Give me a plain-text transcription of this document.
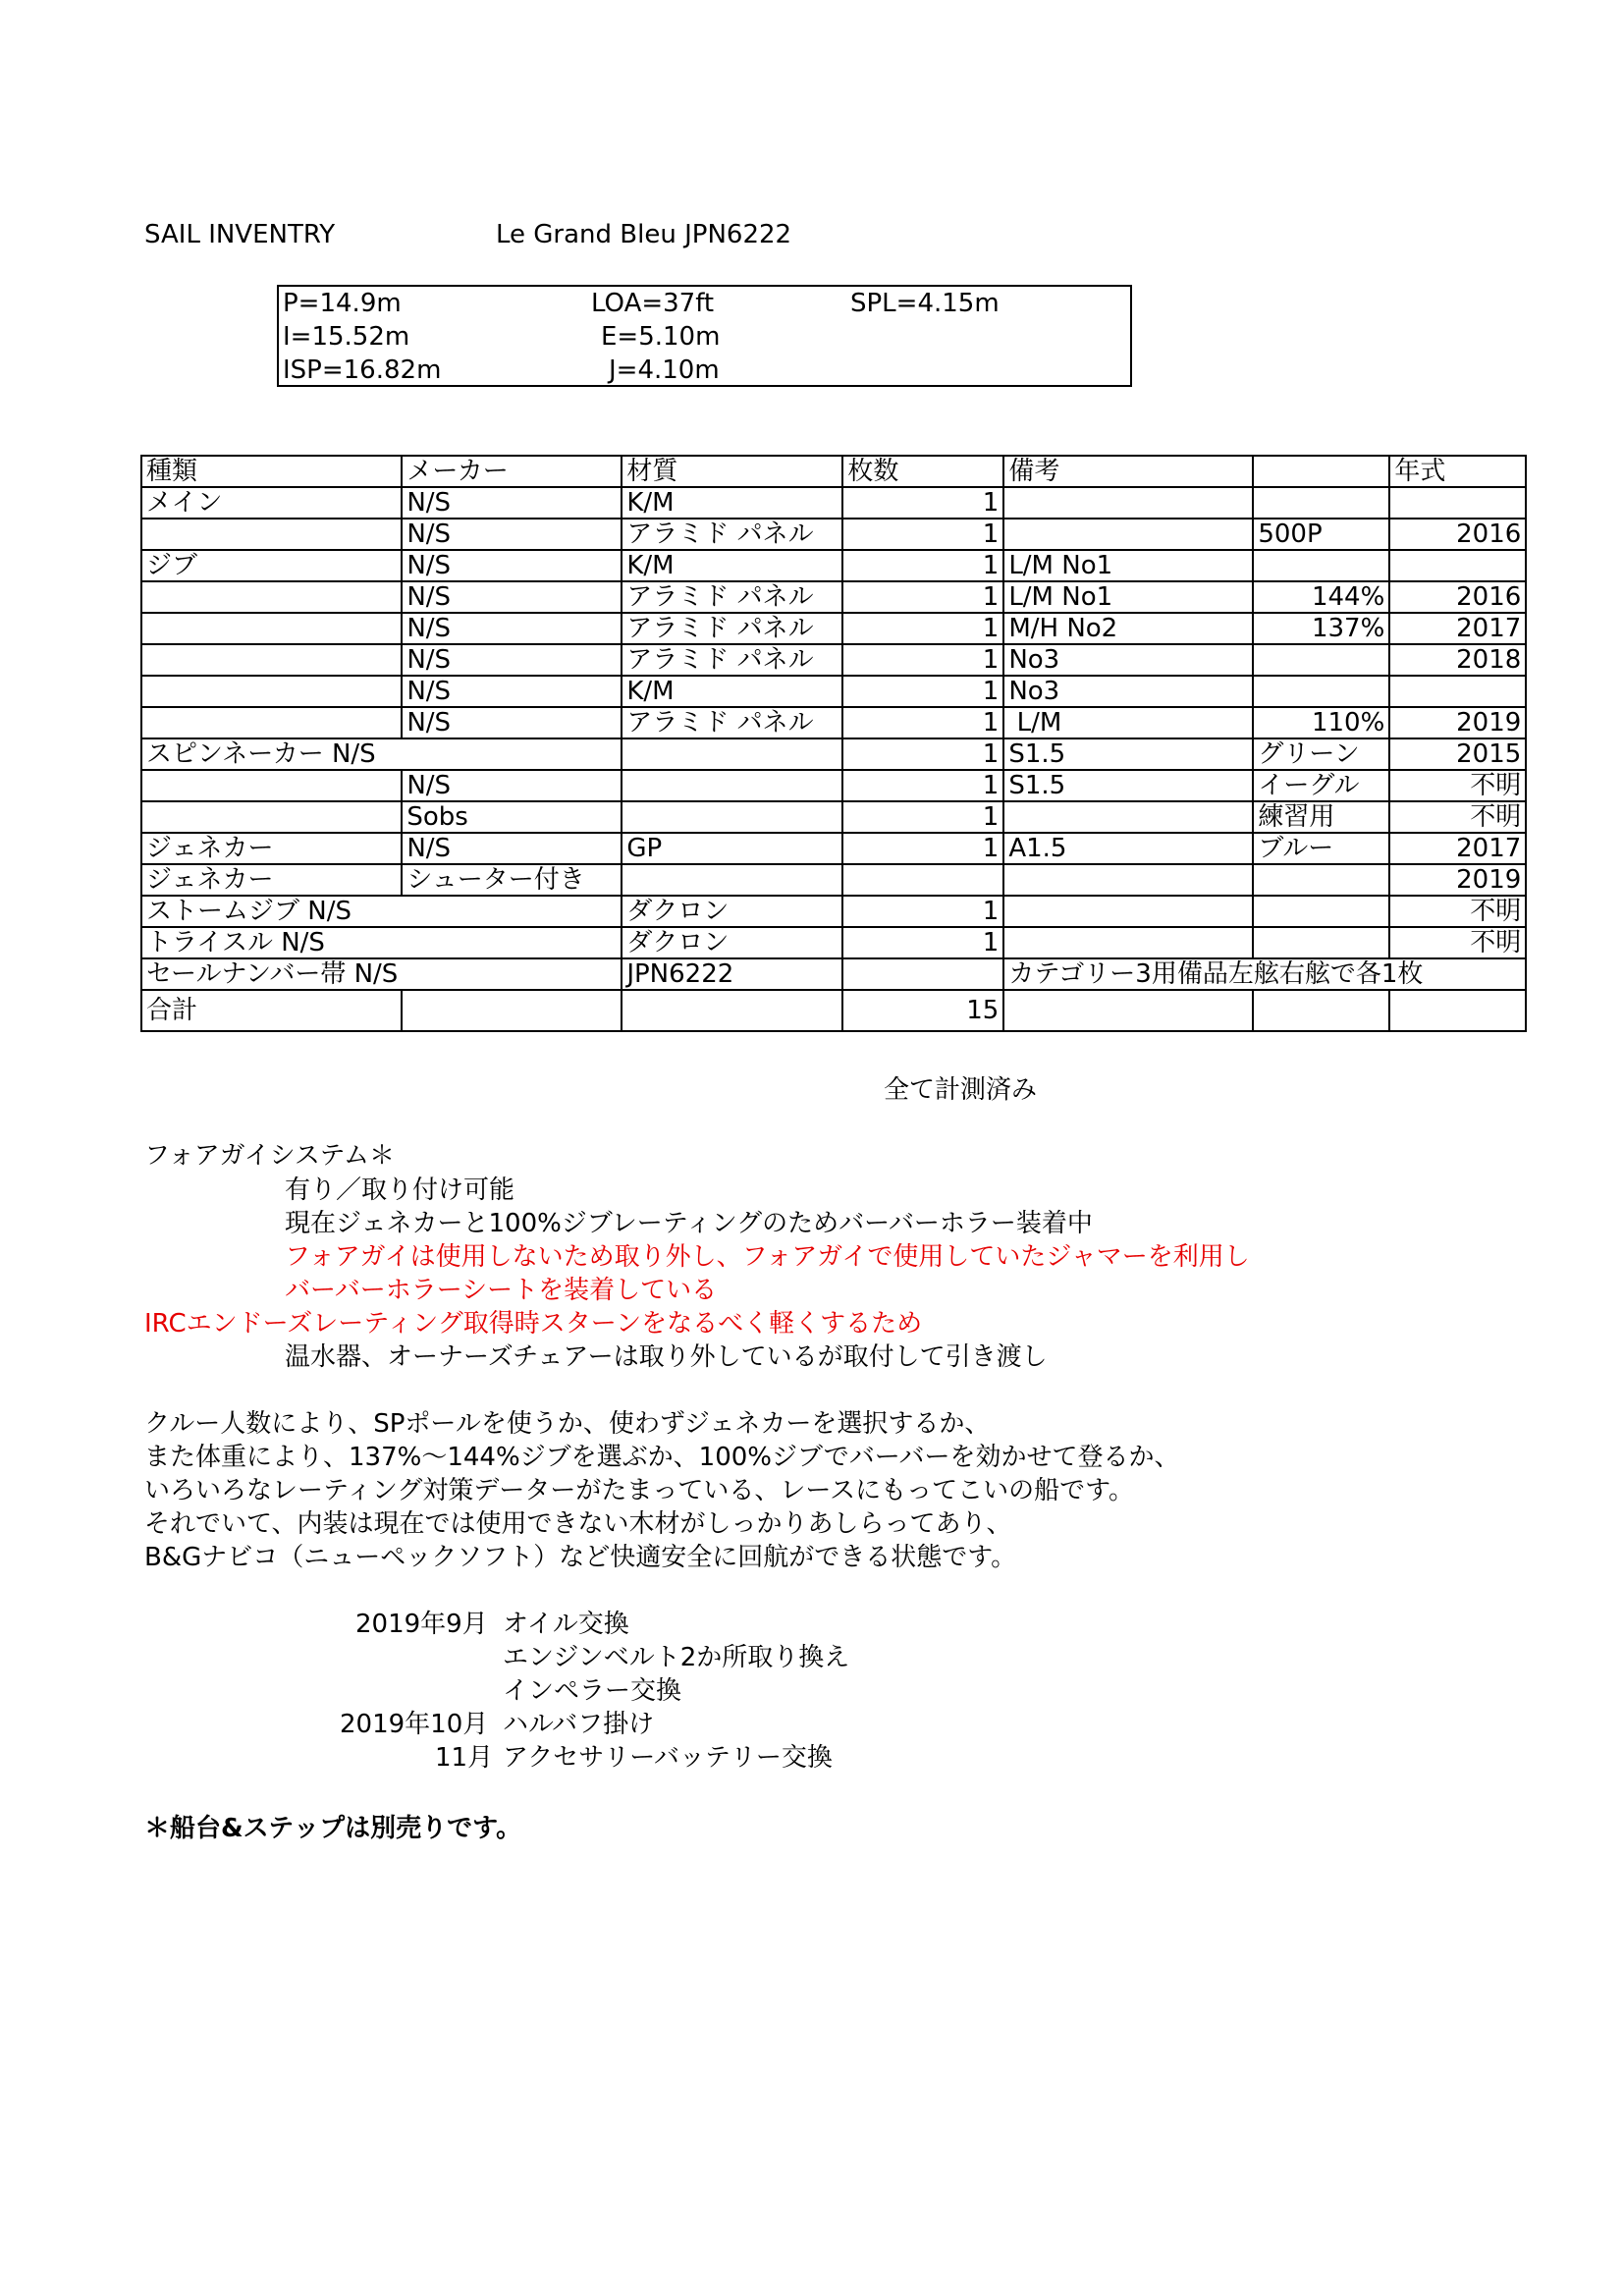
SAIL INVENTRY	Le Grand Bleu JPN6222
P=14.9m	LOA=37ft	SPL=4.15m
I=15.52m	E=5.10m
ISP=16.82m	J=4.10m
種類	メーカー	材質	枚数	備考		年式
メイン	N/S	K/M	1			
	N/S	アラミド パネル	1		500P	2016
ジブ	N/S	K/M	1	L/M No1		
	N/S	アラミド パネル	1	L/M No1	144%	2016
	N/S	アラミド パネル	1	M/H No2	137%	2017
	N/S	アラミド パネル	1	No3		2018
	N/S	K/M	1	No3		
	N/S	アラミド パネル	1	L/M	110%	2019
スピンネーカー N/S			1	S1.5	グリーン	2015
	N/S		1	S1.5	イーグル	不明
	Sobs		1		練習用	不明
ジェネカー	N/S	GP	1	A1.5	ブルー	2017
ジェネカー	シューター付き					2019
ストームジブ N/S		ダクロン	1			不明
トライスル N/S		ダクロン	1			不明
セールナンバー帯 N/S		JPN6222		カテゴリー3用備品左舷右舷で各1枚		
合計			15			
全て計測済み
フォアガイシステム＊
有り／取り付け可能
現在ジェネカーと100%ジブレーティングのためバーバーホラー装着中
フォアガイは使用しないため取り外し、フォアガイで使用していたジャマーを利用し
バーバーホラーシートを装着している
IRCエンドーズレーティング取得時スターンをなるべく軽くするため
温水器、オーナーズチェアーは取り外しているが取付して引き渡し
クルー人数により、SPポールを使うか、使わずジェネカーを選択するか、
また体重により、137%～144%ジブを選ぶか、100%ジブでバーバーを効かせて登るか、
いろいろなレーティング対策データーがたまっている、レースにもってこいの船です。
それでいて、内装は現在では使用できない木材がしっかりあしらってあり、
B&Gナビコ（ニューペックソフト）など快適安全に回航ができる状態です。
2019年9月 オイル交換
エンジンベルト2か所取り換え
インペラー交換
2019年10月 ハルバフ掛け
11月 アクセサリーバッテリー交換
＊船台&ステップは別売りです。
